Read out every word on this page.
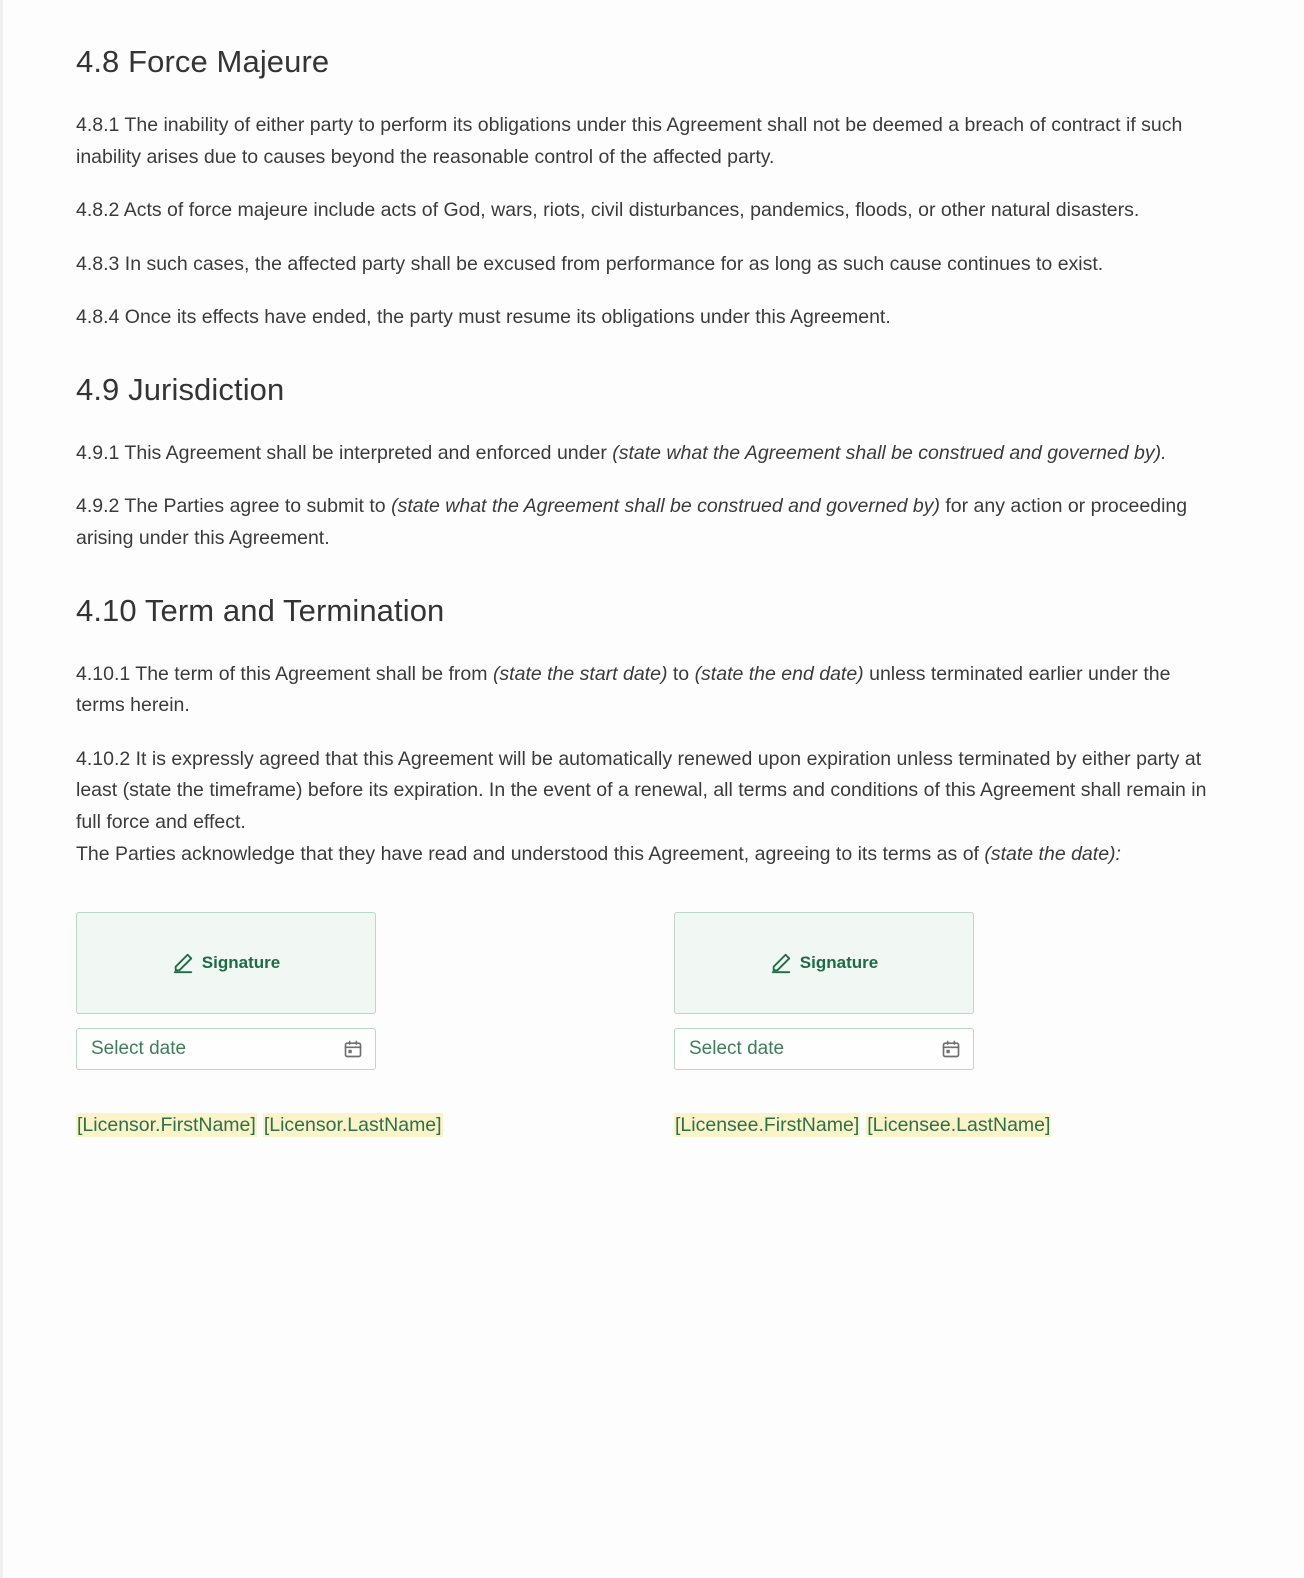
4.8 Force Majeure

4.8.1 The inability of either party to perform its obligations under this Agreement shall not be deemed a breach of contract if such inability arises due to causes beyond the reasonable control of the affected party.

4.8.2 Acts of force majeure include acts of God, wars, riots, civil disturbances, pandemics, floods, or other natural disasters.

4.8.3 In such cases, the affected party shall be excused from performance for as long as such cause continues to exist.

4.8.4 Once its effects have ended, the party must resume its obligations under this Agreement.

4.9 Jurisdiction

4.9.1 This Agreement shall be interpreted and enforced under (state what the Agreement shall be construed and governed by).

4.9.2 The Parties agree to submit to (state what the Agreement shall be construed and governed by) for any action or proceeding arising under this Agreement.

4.10 Term and Termination

4.10.1 The term of this Agreement shall be from (state the start date) to (state the end date) unless terminated earlier under the terms herein.

4.10.2 It is expressly agreed that this Agreement will be automatically renewed upon expiration unless terminated by either party at least (state the timeframe) before its expiration. In the event of a renewal, all terms and conditions of this Agreement shall remain in full force and effect.

The Parties acknowledge that they have read and understood this Agreement, agreeing to its terms as of (state the date):

Signature
Select date
Signature
Select date
[Licensor.FirstName] [Licensor.LastName]	[Licensee.FirstName] [Licensee.LastName]
